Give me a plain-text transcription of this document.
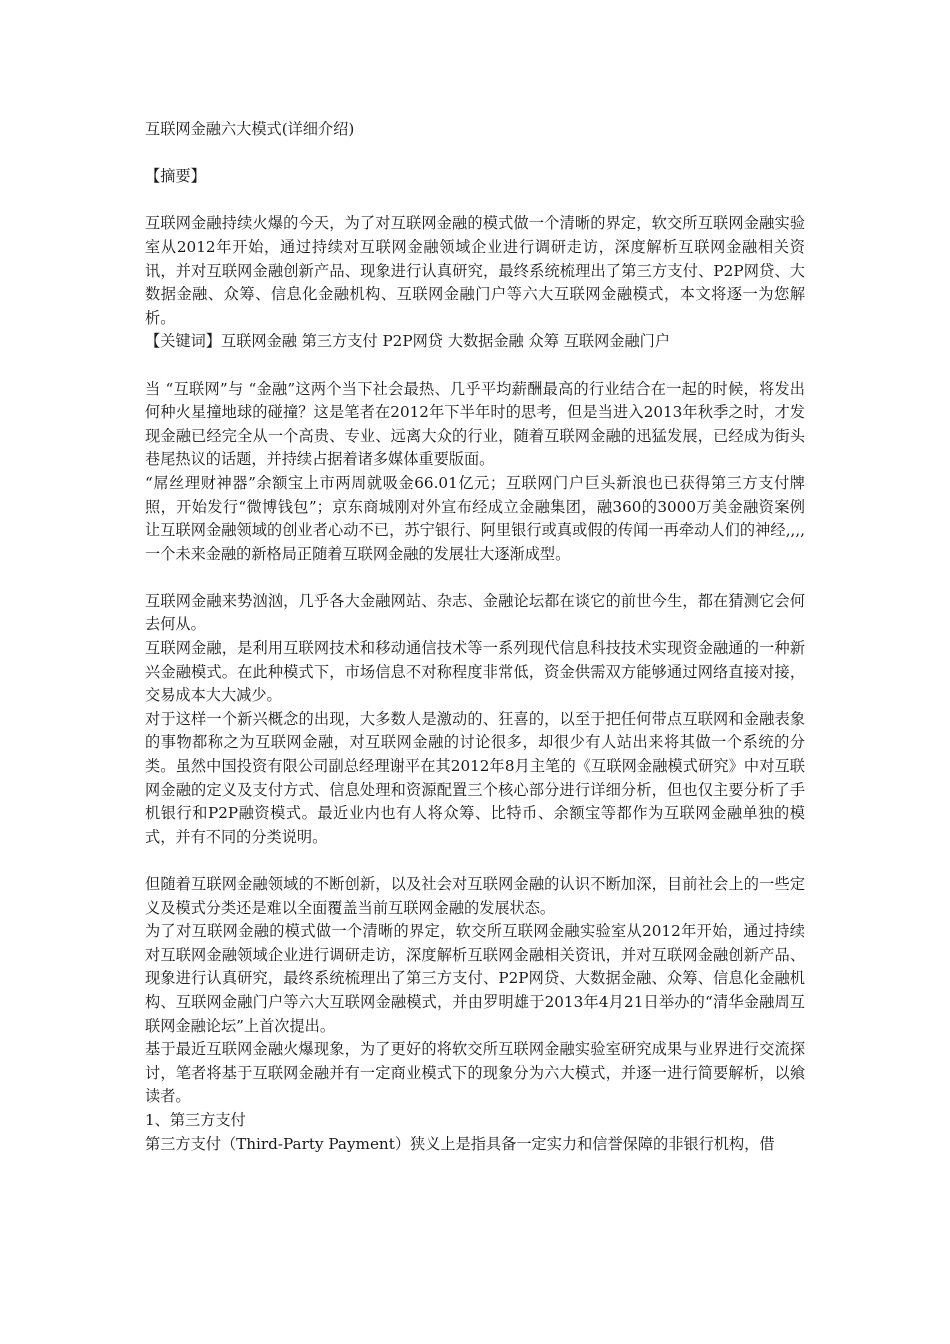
互联网金融六大模式(详细介绍)

【摘要】

互联网金融持续火爆的今天，为了对互联网金融的模式做一个清晰的界定，软交所互联网金融实验室从2012年开始，通过持续对互联网金融领域企业进行调研走访，深度解析互联网金融相关资讯，并对互联网金融创新产品、现象进行认真研究，最终系统梳理出了第三方支付、P2P网贷、大数据金融、众筹、信息化金融机构、互联网金融门户等六大互联网金融模式，本文将逐一为您解析。

【关键词】互联网金融 第三方支付 P2P网贷 大数据金融 众筹 互联网金融门户

当 “互联网”与 “金融”这两个当下社会最热、几乎平均薪酬最高的行业结合在一起的时候，将发出何种火星撞地球的碰撞？这是笔者在2012年下半年时的思考，但是当进入2013年秋季之时，才发现金融已经完全从一个高贵、专业、远离大众的行业，随着互联网金融的迅猛发展，已经成为街头巷尾热议的话题，并持续占据着诸多媒体重要版面。

“屌丝理财神器”余额宝上市两周就吸金66.01亿元；互联网门户巨头新浪也已获得第三方支付牌照，开始发行“微博钱包”；京东商城刚对外宣布经成立金融集团，融360的3000万美金融资案例让互联网金融领域的创业者心动不已，苏宁银行、阿里银行或真或假的传闻一再牵动人们的神经,,,,一个未来金融的新格局正随着互联网金融的发展壮大逐渐成型。

互联网金融来势汹汹，几乎各大金融网站、杂志、金融论坛都在谈它的前世今生，都在猜测它会何去何从。

互联网金融，是利用互联网技术和移动通信技术等一系列现代信息科技技术实现资金融通的一种新兴金融模式。在此种模式下，市场信息不对称程度非常低，资金供需双方能够通过网络直接对接，交易成本大大减少。

对于这样一个新兴概念的出现，大多数人是激动的、狂喜的，以至于把任何带点互联网和金融表象的事物都称之为互联网金融，对互联网金融的讨论很多，却很少有人站出来将其做一个系统的分类。虽然中国投资有限公司副总经理谢平在其2012年8月主笔的《互联网金融模式研究》中对互联网金融的定义及支付方式、信息处理和资源配置三个核心部分进行详细分析，但也仅主要分析了手机银行和P2P融资模式。最近业内也有人将众筹、比特币、余额宝等都作为互联网金融单独的模式，并有不同的分类说明。

但随着互联网金融领域的不断创新，以及社会对互联网金融的认识不断加深，目前社会上的一些定义及模式分类还是难以全面覆盖当前互联网金融的发展状态。

为了对互联网金融的模式做一个清晰的界定，软交所互联网金融实验室从2012年开始，通过持续对互联网金融领域企业进行调研走访，深度解析互联网金融相关资讯，并对互联网金融创新产品、现象进行认真研究，最终系统梳理出了第三方支付、P2P网贷、大数据金融、众筹、信息化金融机构、互联网金融门户等六大互联网金融模式，并由罗明雄于2013年4月21日举办的“清华金融周互联网金融论坛”上首次提出。

基于最近互联网金融火爆现象，为了更好的将软交所互联网金融实验室研究成果与业界进行交流探讨，笔者将基于互联网金融并有一定商业模式下的现象分为六大模式，并逐一进行简要解析，以飨读者。

1、第三方支付

第三方支付（Third-Party Payment）狭义上是指具备一定实力和信誉保障的非银行机构，借
